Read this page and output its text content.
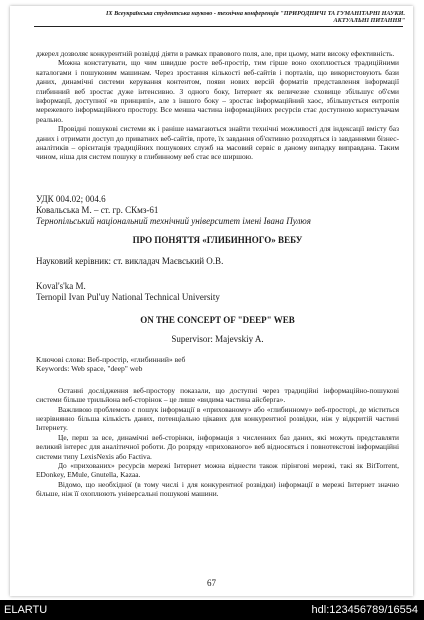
IX Всеукраїнська студентська науково - технічна конференція "ПРИРОДНИЧІ ТА ГУМАНІТАРНІ НАУКИ.
АКТУАЛЬНІ ПИТАННЯ"

джерел дозволяє конкурентній розвідці діяти в рамках правового поля, але, при цьому, мати високу ефективність.

Можна констатувати, що чим швидше росте веб-простір, тим гірше воно охоплюється традиційними каталогами і пошуковим машинам. Через зростання кількості веб-сайтів і порталів, що використовують бази даних, динамічні системи керування контентом, появи нових версій форматів представлення інформації глибинний веб зростає дуже інтенсивно. З одного боку, Інтернет як величезне сховище збільшує об'єми інформації, доступної «в принципі», але з іншого боку – зростає інформаційний хаос, збільшується ентропія мережевого інформаційного простору. Все менша частина інформаційних ресурсів стає доступною користувачам реально.

Провідні пошукові системи як і раніше намагаються знайти технічні можливості для індексації вмісту баз даних і отримати доступ до приватних веб-сайтів, проте, їх завдання об'єктивно розходяться із завданнями бізнес-аналітиків – орієнтація традиційних пошукових служб на масовий сервіс в даному випадку виправдана. Таким чином, ніша для систем пошуку в глибинному веб стає все ширшою.

УДК 004.02; 004.6

Ковальська М. – ст. гр. СКмз-61

Тернопільський національний технічний університет імені Івана Пулюя

ПРО ПОНЯТТЯ «ГЛИБИННОГО» ВЕБУ

Науковий керівник: ст. викладач Маєвський О.В.

Koval's'ka M.

Ternopil Ivan Pul'uy National Technical University

ON THE CONCEPT OF "DEEP" WEB

Supervisor: Majevskiy A.

Ключові слова: Веб-простір, «глибинний» веб

Keywords: Web space, "deep" web

Останні дослідження веб-простору показали, що доступні через традиційні інформаційно-пошукові системи більше трильйона веб-сторінок – це лише «видима частина айсберга».

Важливою проблемою є пошук інформації в «прихованому» або «глибинному» веб-просторі, де міститься незрівнянно більша кількість даних, потенціально цікавих для конкурентної розвідки, ніж у відкритій частині Інтернету.

Це, перш за все, динамічні веб-сторінки, інформація з численних баз даних, які можуть представляти великий інтерес для аналітичної роботи. До розряду «прихованого» веб відносяться і повнотекстові інформаційні системи типу LexisNexis або Factiva.

До «прихованих» ресурсів мережі Інтернет можна віднести також пірінгові мережі, такі як BitTorrent, EDonkey, EMule, Gnutella, Kazaa.

Відомо, що необхідної (в тому числі і для конкурентної розвідки) інформації в мережі Інтернет значно більше, ніж її охоплюють універсальні пошукові машини.

67
ELARTU	hdl:123456789/16554
